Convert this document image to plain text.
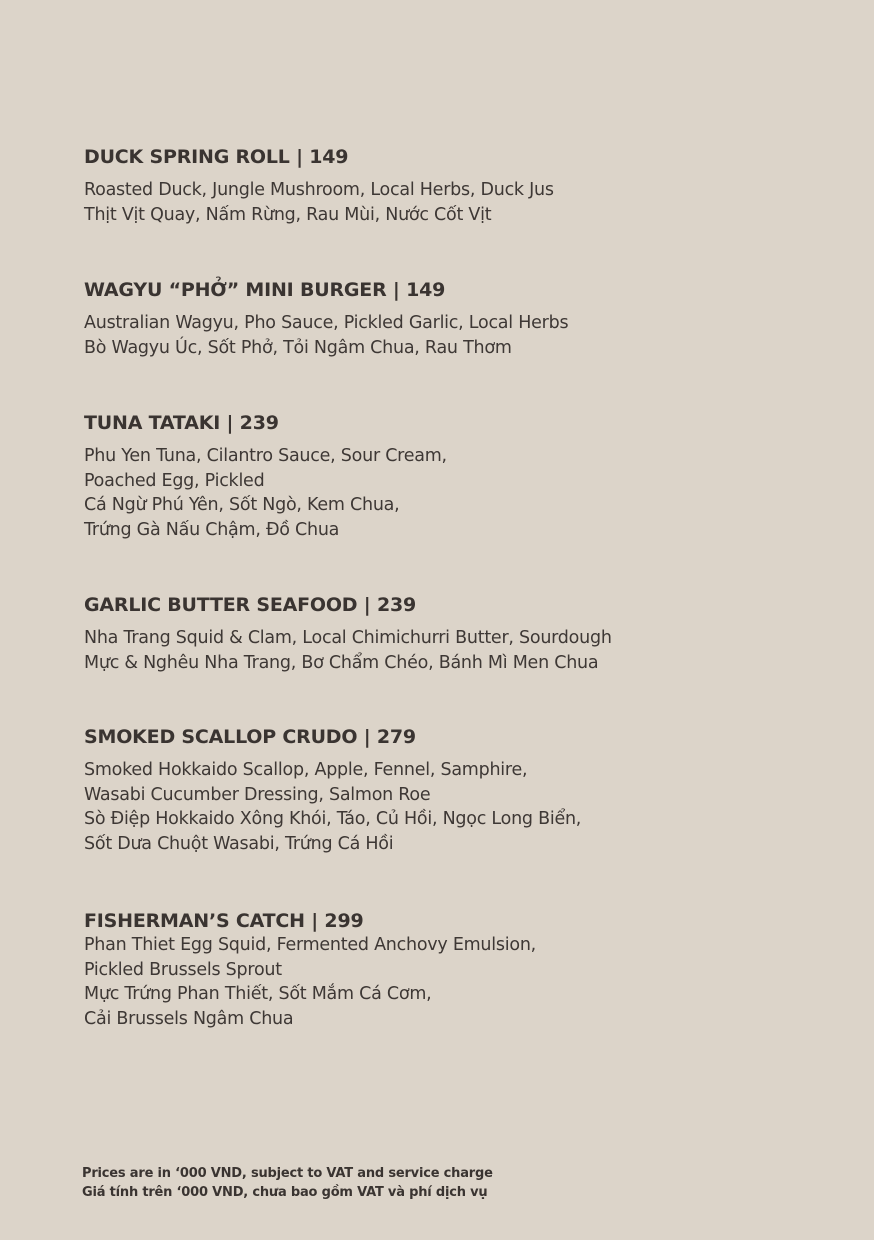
DUCK SPRING ROLL | 149

Roasted Duck, Jungle Mushroom, Local Herbs, Duck Jus
Thịt Vịt Quay, Nấm Rừng, Rau Mùi, Nước Cốt Vịt

WAGYU “PHỞ” MINI BURGER | 149

Australian Wagyu, Pho Sauce, Pickled Garlic, Local Herbs
Bò Wagyu Úc, Sốt Phở, Tỏi Ngâm Chua, Rau Thơm

TUNA TATAKI | 239

Phu Yen Tuna, Cilantro Sauce, Sour Cream,
Poached Egg, Pickled
Cá Ngừ Phú Yên, Sốt Ngò, Kem Chua,
Trứng Gà Nấu Chậm, Đồ Chua

GARLIC BUTTER SEAFOOD | 239

Nha Trang Squid & Clam, Local Chimichurri Butter, Sourdough
Mực & Nghêu Nha Trang, Bơ Chẩm Chéo, Bánh Mì Men Chua

SMOKED SCALLOP CRUDO | 279

Smoked Hokkaido Scallop, Apple, Fennel, Samphire,
Wasabi Cucumber Dressing, Salmon Roe
Sò Điệp Hokkaido Xông Khói, Táo, Củ Hồi, Ngọc Long Biển,
Sốt Dưa Chuột Wasabi, Trứng Cá Hồi

FISHERMAN’S CATCH | 299

Phan Thiet Egg Squid, Fermented Anchovy Emulsion,
Pickled Brussels Sprout
Mực Trứng Phan Thiết, Sốt Mắm Cá Cơm,
Cải Brussels Ngâm Chua

Prices are in ‘000 VND, subject to VAT and service charge
Giá tính trên ‘000 VND, chưa bao gồm VAT và phí dịch vụ
